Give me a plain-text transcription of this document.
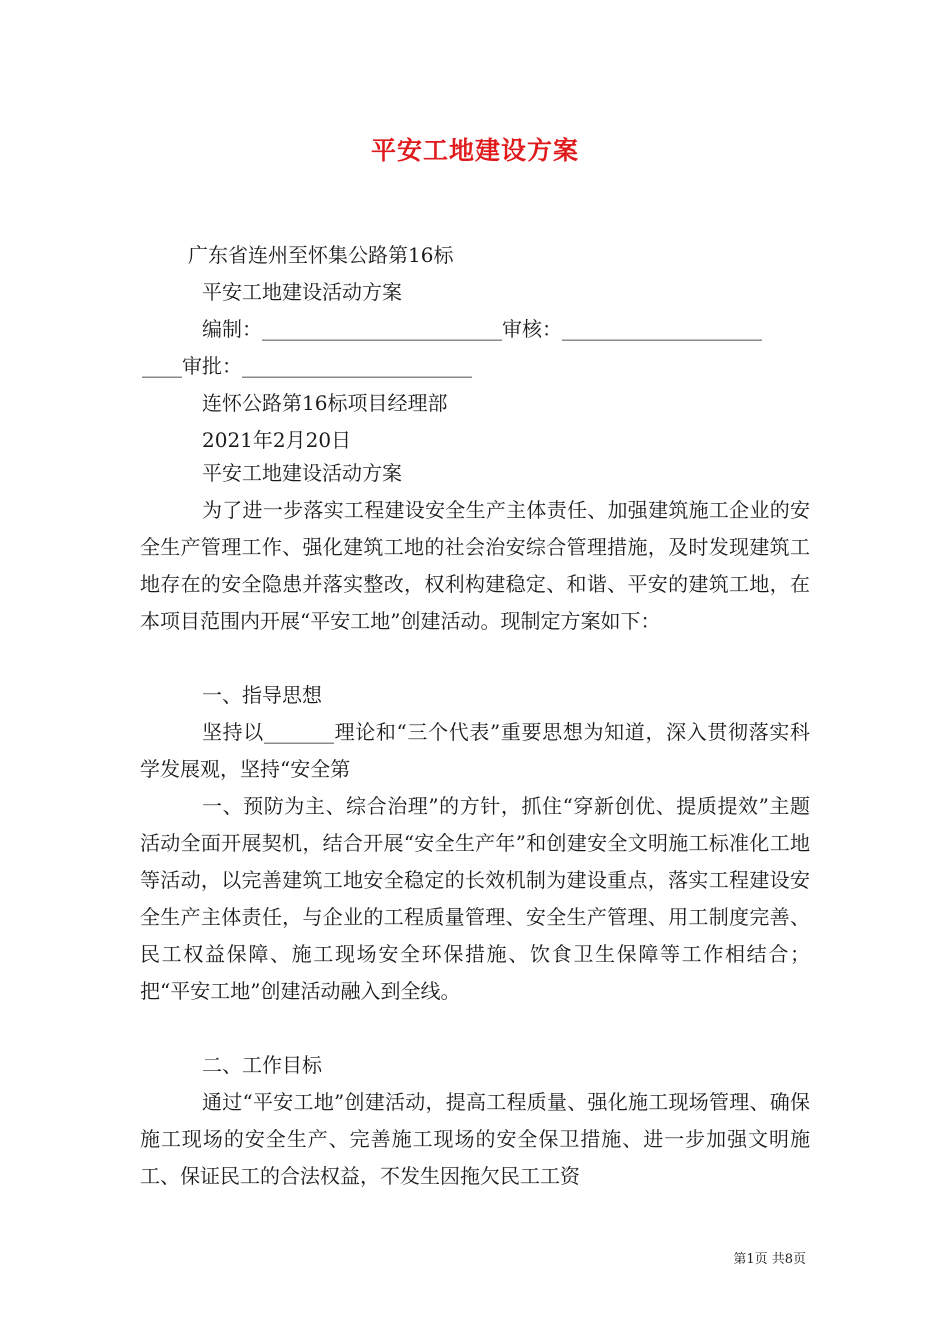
平安工地建设方案
广东省连州至怀集公路第16标
平安工地建设活动方案
编制：________________________审核：____________________
____审批：_______________________
连怀公路第16标项目经理部
2021年2月20日
平安工地建设活动方案
为了进一步落实工程建设安全生产主体责任、加强建筑施工企业的安全生产管理工作、强化建筑工地的社会治安综合管理措施，及时发现建筑工地存在的安全隐患并落实整改，权利构建稳定、和谐、平安的建筑工地，在本项目范围内开展“平安工地”创建活动。现制定方案如下：
一、指导思想
坚持以_______理论和“三个代表”重要思想为知道，深入贯彻落实科学发展观，坚持“安全第
一、预防为主、综合治理”的方针，抓住“穿新创优、提质提效”主题活动全面开展契机，结合开展“安全生产年”和创建安全文明施工标准化工地等活动，以完善建筑工地安全稳定的长效机制为建设重点，落实工程建设安全生产主体责任，与企业的工程质量管理、安全生产管理、用工制度完善、民工权益保障、施工现场安全环保措施、饮食卫生保障等工作相结合；把“平安工地”创建活动融入到全线。
二、工作目标
通过“平安工地”创建活动，提高工程质量、强化施工现场管理、确保施工现场的安全生产、完善施工现场的安全保卫措施、进一步加强文明施工、保证民工的合法权益，不发生因拖欠民工工资
第1页 共8页
